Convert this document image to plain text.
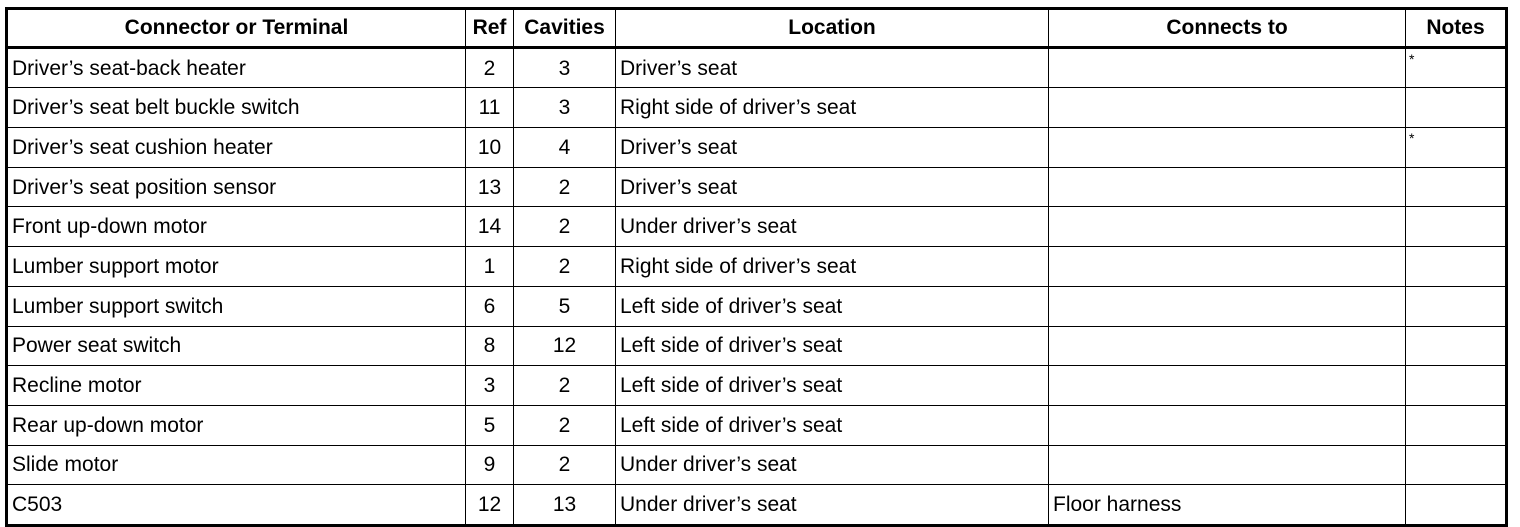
Connector or Terminal	Ref	Cavities	Location	Connects to	Notes
Driver’s seat-back heater	2	3	Driver’s seat		*
Driver’s seat belt buckle switch	11	3	Right side of driver’s seat		
Driver’s seat cushion heater	10	4	Driver’s seat		*
Driver’s seat position sensor	13	2	Driver’s seat		
Front up-down motor	14	2	Under driver’s seat		
Lumber support motor	1	2	Right side of driver’s seat		
Lumber support switch	6	5	Left side of driver’s seat		
Power seat switch	8	12	Left side of driver’s seat		
Recline motor	3	2	Left side of driver’s seat		
Rear up-down motor	5	2	Left side of driver’s seat		
Slide motor	9	2	Under driver’s seat		
C503	12	13	Under driver’s seat	Floor harness	
